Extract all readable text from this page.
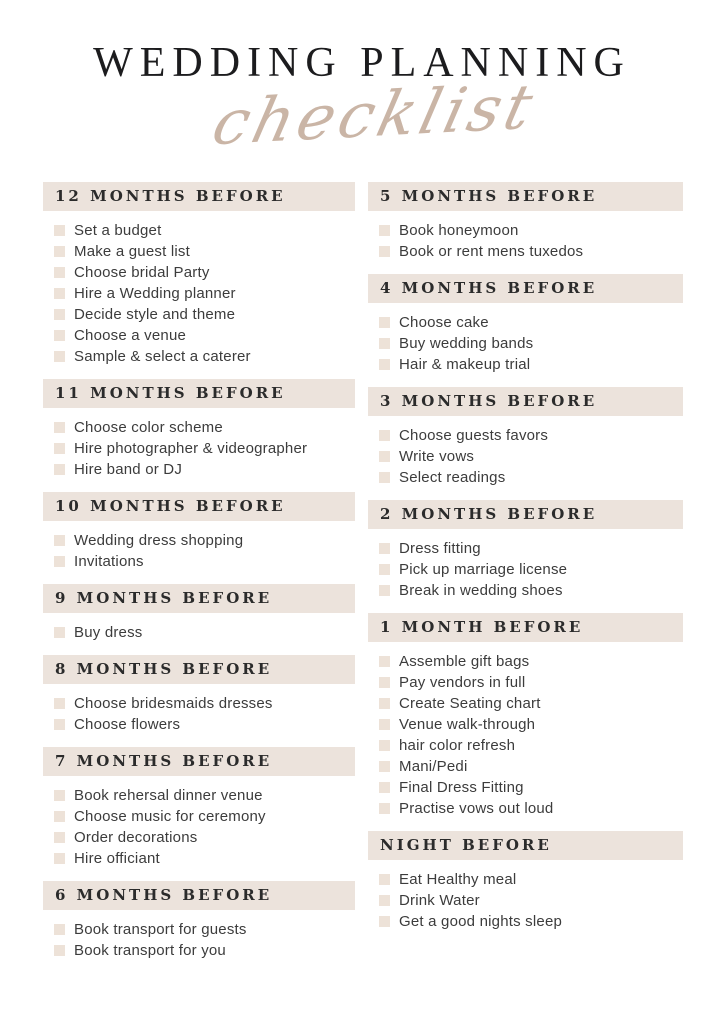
WEDDING PLANNING
checklist
12 MONTHS BEFORE
Set a budget
Make a guest list
Choose bridal Party
Hire a Wedding planner
Decide style and theme
Choose a venue
Sample & select a caterer
11 MONTHS BEFORE
Choose color scheme
Hire photographer & videographer
Hire band or DJ
10 MONTHS BEFORE
Wedding dress shopping
Invitations
9 MONTHS BEFORE
Buy dress
8 MONTHS BEFORE
Choose bridesmaids dresses
Choose flowers
7 MONTHS BEFORE
Book rehersal dinner venue
Choose music for ceremony
Order decorations
Hire officiant
6 MONTHS BEFORE
Book transport for guests
Book transport for you
5 MONTHS BEFORE
Book honeymoon
Book or rent mens tuxedos
4 MONTHS BEFORE
Choose cake
Buy wedding bands
Hair & makeup trial
3 MONTHS BEFORE
Choose guests favors
Write vows
Select readings
2 MONTHS BEFORE
Dress fitting
Pick up marriage license
Break in wedding shoes
1 MONTH BEFORE
Assemble gift bags
Pay vendors in full
Create Seating chart
Venue walk-through
hair color refresh
Mani/Pedi
Final Dress Fitting
Practise vows out loud
NIGHT BEFORE
Eat Healthy meal
Drink Water
Get a good nights sleep
